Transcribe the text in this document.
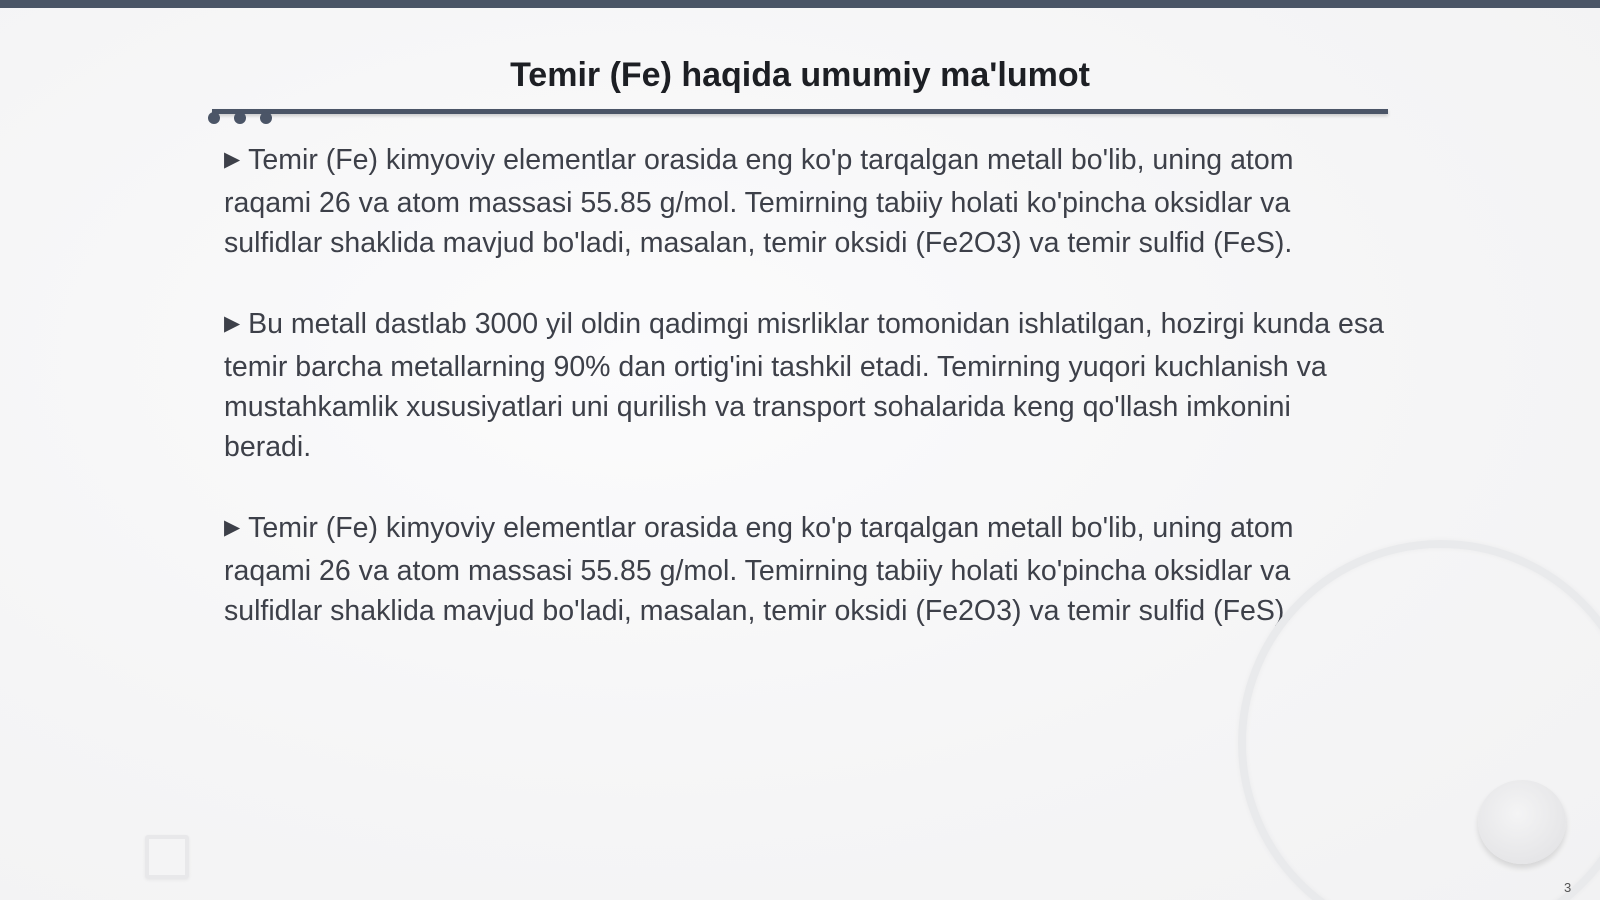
Temir (Fe) haqida umumiy ma'lumot

▶ Temir (Fe) kimyoviy elementlar orasida eng ko'p tarqalgan metall bo'lib, uning atom raqami 26 va atom massasi 55.85 g/mol. Temirning tabiiy holati ko'pincha oksidlar va sulfidlar shaklida mavjud bo'ladi, masalan, temir oksidi (Fe2O3) va temir sulfid (FeS).

▶ Bu metall dastlab 3000 yil oldin qadimgi misrliklar tomonidan ishlatilgan, hozirgi kunda esa temir barcha metallarning 90% dan ortig'ini tashkil etadi. Temirning yuqori kuchlanish va mustahkamlik xususiyatlari uni qurilish va transport sohalarida keng qo'llash imkonini beradi.

▶ Temir (Fe) kimyoviy elementlar orasida eng ko'p tarqalgan metall bo'lib, uning atom raqami 26 va atom massasi 55.85 g/mol. Temirning tabiiy holati ko'pincha oksidlar va sulfidlar shaklida mavjud bo'ladi, masalan, temir oksidi (Fe2O3) va temir sulfid (FeS).

3
